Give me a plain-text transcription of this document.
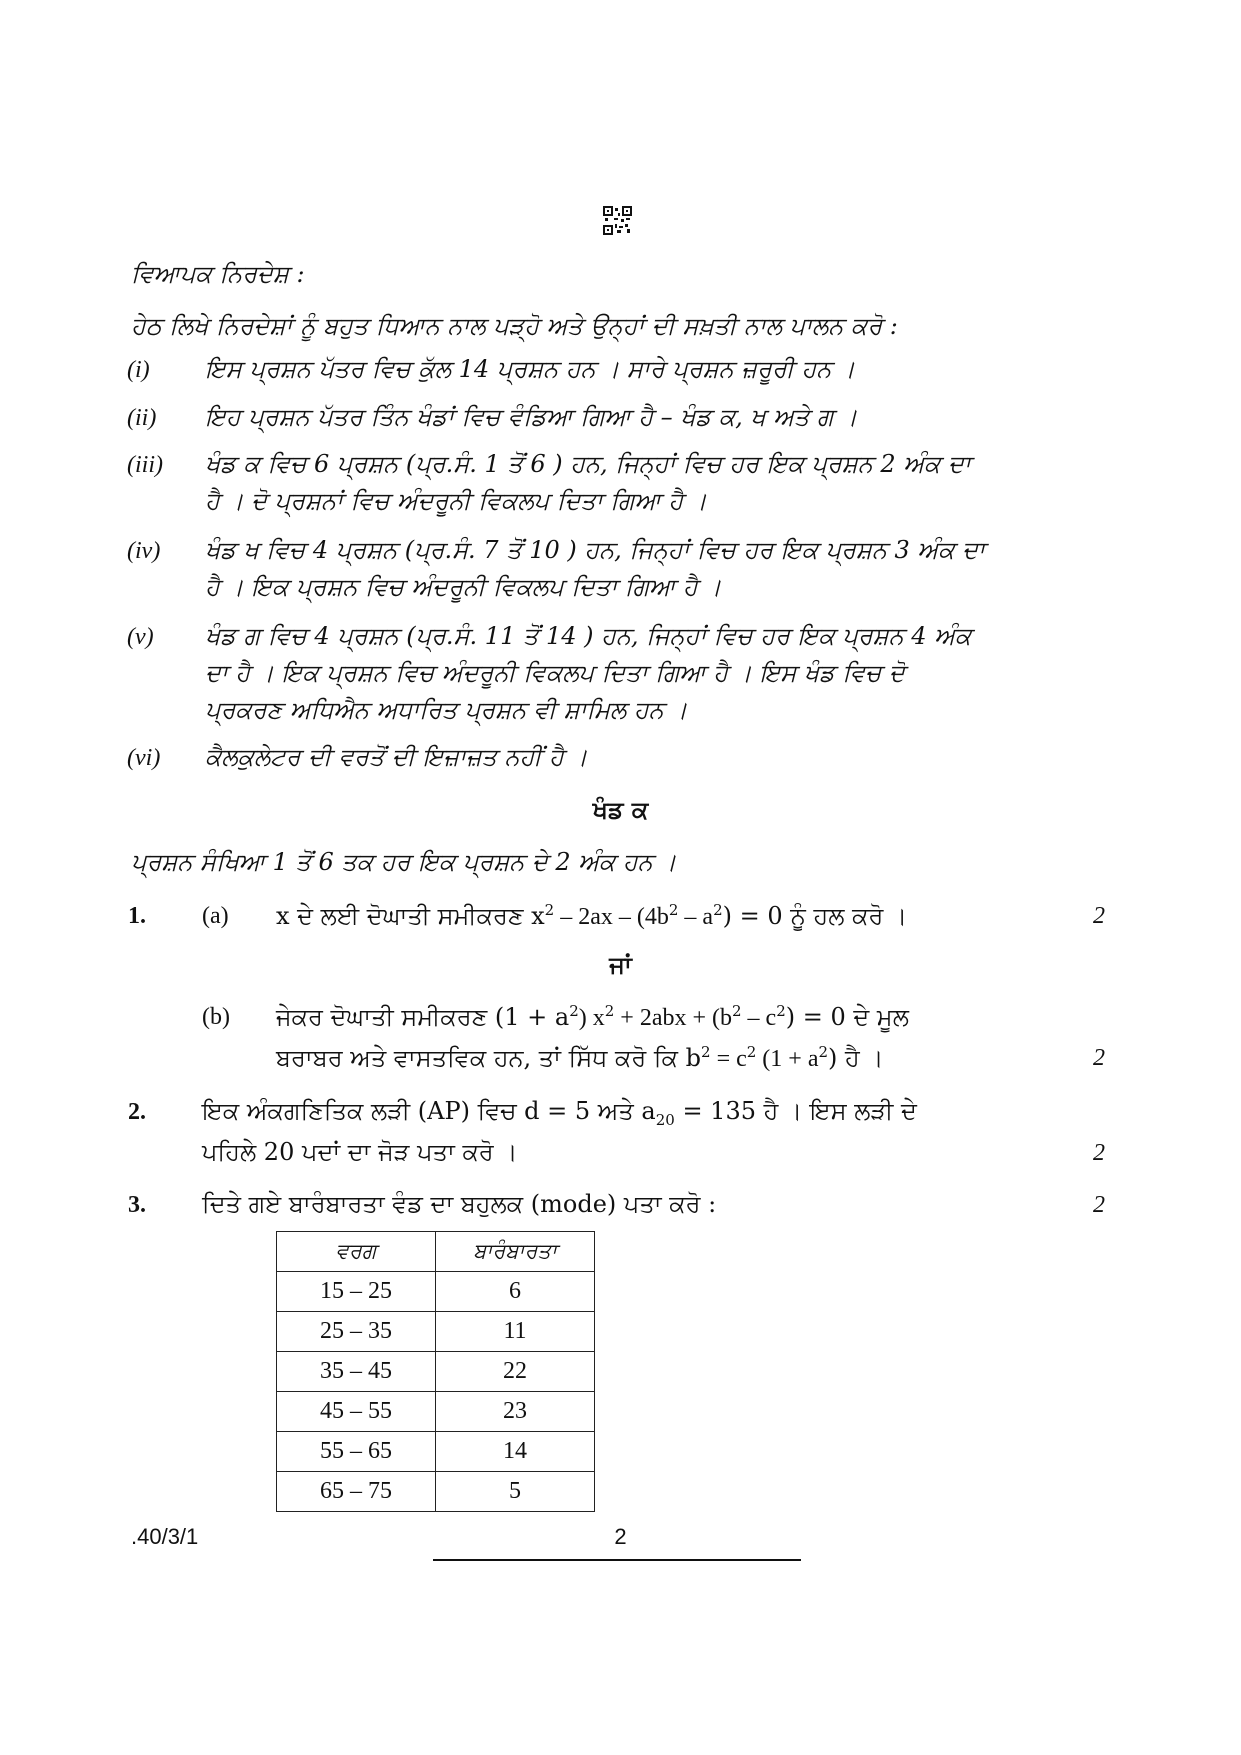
ਵਿਆਪਕ ਨਿਰਦੇਸ਼ :
ਹੇਠ ਲਿਖੇ ਨਿਰਦੇਸ਼ਾਂ ਨੂੰ ਬਹੁਤ ਧਿਆਨ ਨਾਲ ਪੜ੍ਹੋ ਅਤੇ ਉਨ੍ਹਾਂ ਦੀ ਸਖ਼ਤੀ ਨਾਲ ਪਾਲਨ ਕਰੋ :
(i) ਇਸ ਪ੍ਰਸ਼ਨ ਪੱਤਰ ਵਿਚ ਕੁੱਲ 14 ਪ੍ਰਸ਼ਨ ਹਨ । ਸਾਰੇ ਪ੍ਰਸ਼ਨ ਜ਼ਰੂਰੀ ਹਨ ।
(ii) ਇਹ ਪ੍ਰਸ਼ਨ ਪੱਤਰ ਤਿੰਨ ਖੰਡਾਂ ਵਿਚ ਵੰਡਿਆ ਗਿਆ ਹੈ – ਖੰਡ ਕ, ਖ ਅਤੇ ਗ ।
(iii) ਖੰਡ ਕ ਵਿਚ 6 ਪ੍ਰਸ਼ਨ (ਪ੍ਰ.ਸੰ. 1 ਤੋਂ 6 ) ਹਨ, ਜਿਨ੍ਹਾਂ ਵਿਚ ਹਰ ਇਕ ਪ੍ਰਸ਼ਨ 2 ਅੰਕ ਦਾ
ਹੈ । ਦੋ ਪ੍ਰਸ਼ਨਾਂ ਵਿਚ ਅੰਦਰੂਨੀ ਵਿਕਲਪ ਦਿਤਾ ਗਿਆ ਹੈ ।
(iv) ਖੰਡ ਖ ਵਿਚ 4 ਪ੍ਰਸ਼ਨ (ਪ੍ਰ.ਸੰ. 7 ਤੋਂ 10 ) ਹਨ, ਜਿਨ੍ਹਾਂ ਵਿਚ ਹਰ ਇਕ ਪ੍ਰਸ਼ਨ 3 ਅੰਕ ਦਾ
ਹੈ । ਇਕ ਪ੍ਰਸ਼ਨ ਵਿਚ ਅੰਦਰੂਨੀ ਵਿਕਲਪ ਦਿਤਾ ਗਿਆ ਹੈ ।
(v) ਖੰਡ ਗ ਵਿਚ 4 ਪ੍ਰਸ਼ਨ (ਪ੍ਰ.ਸੰ. 11 ਤੋਂ 14 ) ਹਨ, ਜਿਨ੍ਹਾਂ ਵਿਚ ਹਰ ਇਕ ਪ੍ਰਸ਼ਨ 4 ਅੰਕ
ਦਾ ਹੈ । ਇਕ ਪ੍ਰਸ਼ਨ ਵਿਚ ਅੰਦਰੂਨੀ ਵਿਕਲਪ ਦਿਤਾ ਗਿਆ ਹੈ । ਇਸ ਖੰਡ ਵਿਚ ਦੋ
ਪ੍ਰਕਰਣ ਅਧਿਐਨ ਅਧਾਰਿਤ ਪ੍ਰਸ਼ਨ ਵੀ ਸ਼ਾਮਿਲ ਹਨ ।
(vi) ਕੈਲਕੁਲੇਟਰ ਦੀ ਵਰਤੋਂ ਦੀ ਇਜ਼ਾਜ਼ਤ ਨਹੀਂ ਹੈ ।
ਖੰਡ ਕ
ਪ੍ਰਸ਼ਨ ਸੰਖਿਆ 1 ਤੋਂ 6 ਤਕ ਹਰ ਇਕ ਪ੍ਰਸ਼ਨ ਦੇ 2 ਅੰਕ ਹਨ ।
1. (a) x ਦੇ ਲਈ ਦੋਘਾਤੀ ਸਮੀਕਰਣ $x^2 - 2ax - (4b^2 - a^2) = 0$ ਨੂੰ ਹਲ ਕਰੋ ।	2
ਜਾਂ
(b) ਜੇਕਰ ਦੋਘਾਤੀ ਸਮੀਕਰਣ $(1 + a^2)$ $x^2 + 2abx + (b^2 - c^2) = 0$ ਦੇ ਮੂਲ
ਬਰਾਬਰ ਅਤੇ ਵਾਸਤਵਿਕ ਹਨ, ਤਾਂ ਸਿੱਧ ਕਰੋ ਕਿ $b^2 = c^2$ $(1 + a^2)$ ਹੈ ।	2
2. ਇਕ ਅੰਕਗਣਿਤਿਕ ਲੜੀ (AP) ਵਿਚ d = 5 ਅਤੇ $a_{20} = 135$ ਹੈ । ਇਸ ਲੜੀ ਦੇ
ਪਹਿਲੇ 20 ਪਦਾਂ ਦਾ ਜੋੜ ਪਤਾ ਕਰੋ ।	2
3. ਦਿਤੇ ਗਏ ਬਾਰੰਬਾਰਤਾ ਵੰਡ ਦਾ ਬਹੁਲਕ (mode) ਪਤਾ ਕਰੋ :	2
ਵਰਗ	ਬਾਰੰਬਾਰਤਾ
15 – 25	6
25 – 35	11
35 – 45	22
45 – 55	23
55 – 65	14
65 – 75	5
.40/3/1	2
